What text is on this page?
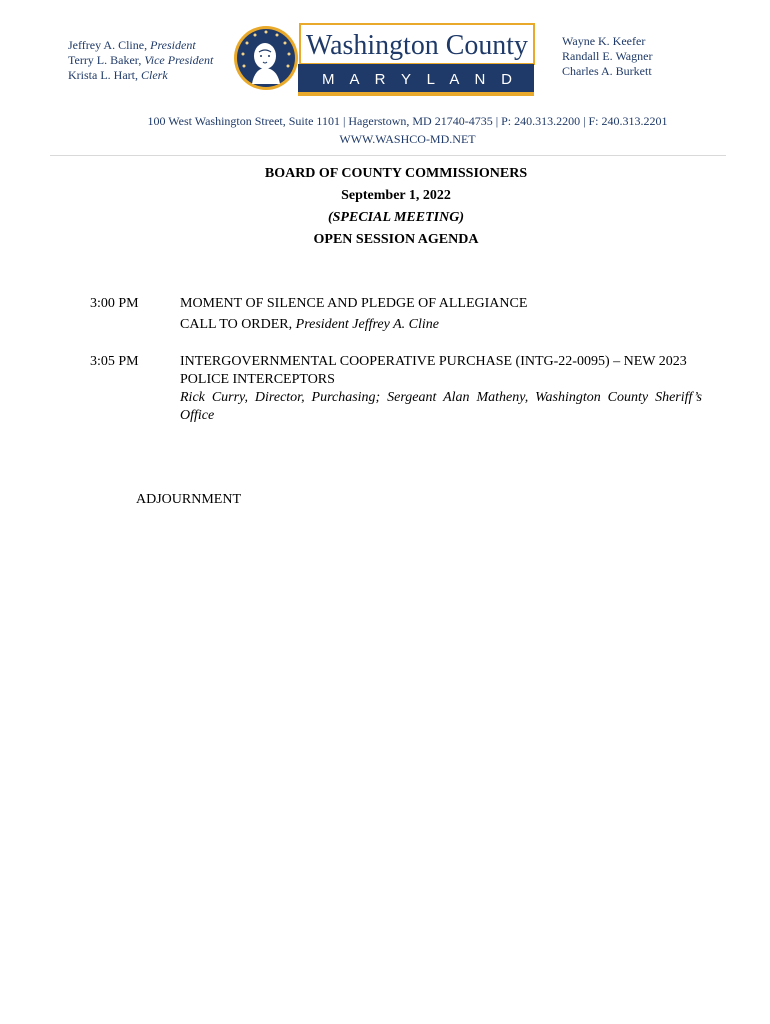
Jeffrey A. Cline, President
Terry L. Baker, Vice President
Krista L. Hart, Clerk
1776
Washington County
M A R Y L A N D
Wayne K. Keefer
Randall E. Wagner
Charles A. Burkett
100 West Washington Street, Suite 1101 | Hagerstown, MD 21740-4735 | P: 240.313.2200 | F: 240.313.2201
WWW.WASHCO-MD.NET
BOARD OF COUNTY COMMISSIONERS
September 1, 2022
(SPECIAL MEETING)
OPEN SESSION AGENDA
3:00 PM	MOMENT OF SILENCE AND PLEDGE OF ALLEGIANCE
CALL TO ORDER, President Jeffrey A. Cline
3:05 PM	INTERGOVERNMENTAL COOPERATIVE PURCHASE (INTG-22-0095) – NEW 2023 POLICE INTERCEPTORS
Rick Curry, Director, Purchasing; Sergeant Alan Matheny, Washington County Sheriff’s Office
ADJOURNMENT
